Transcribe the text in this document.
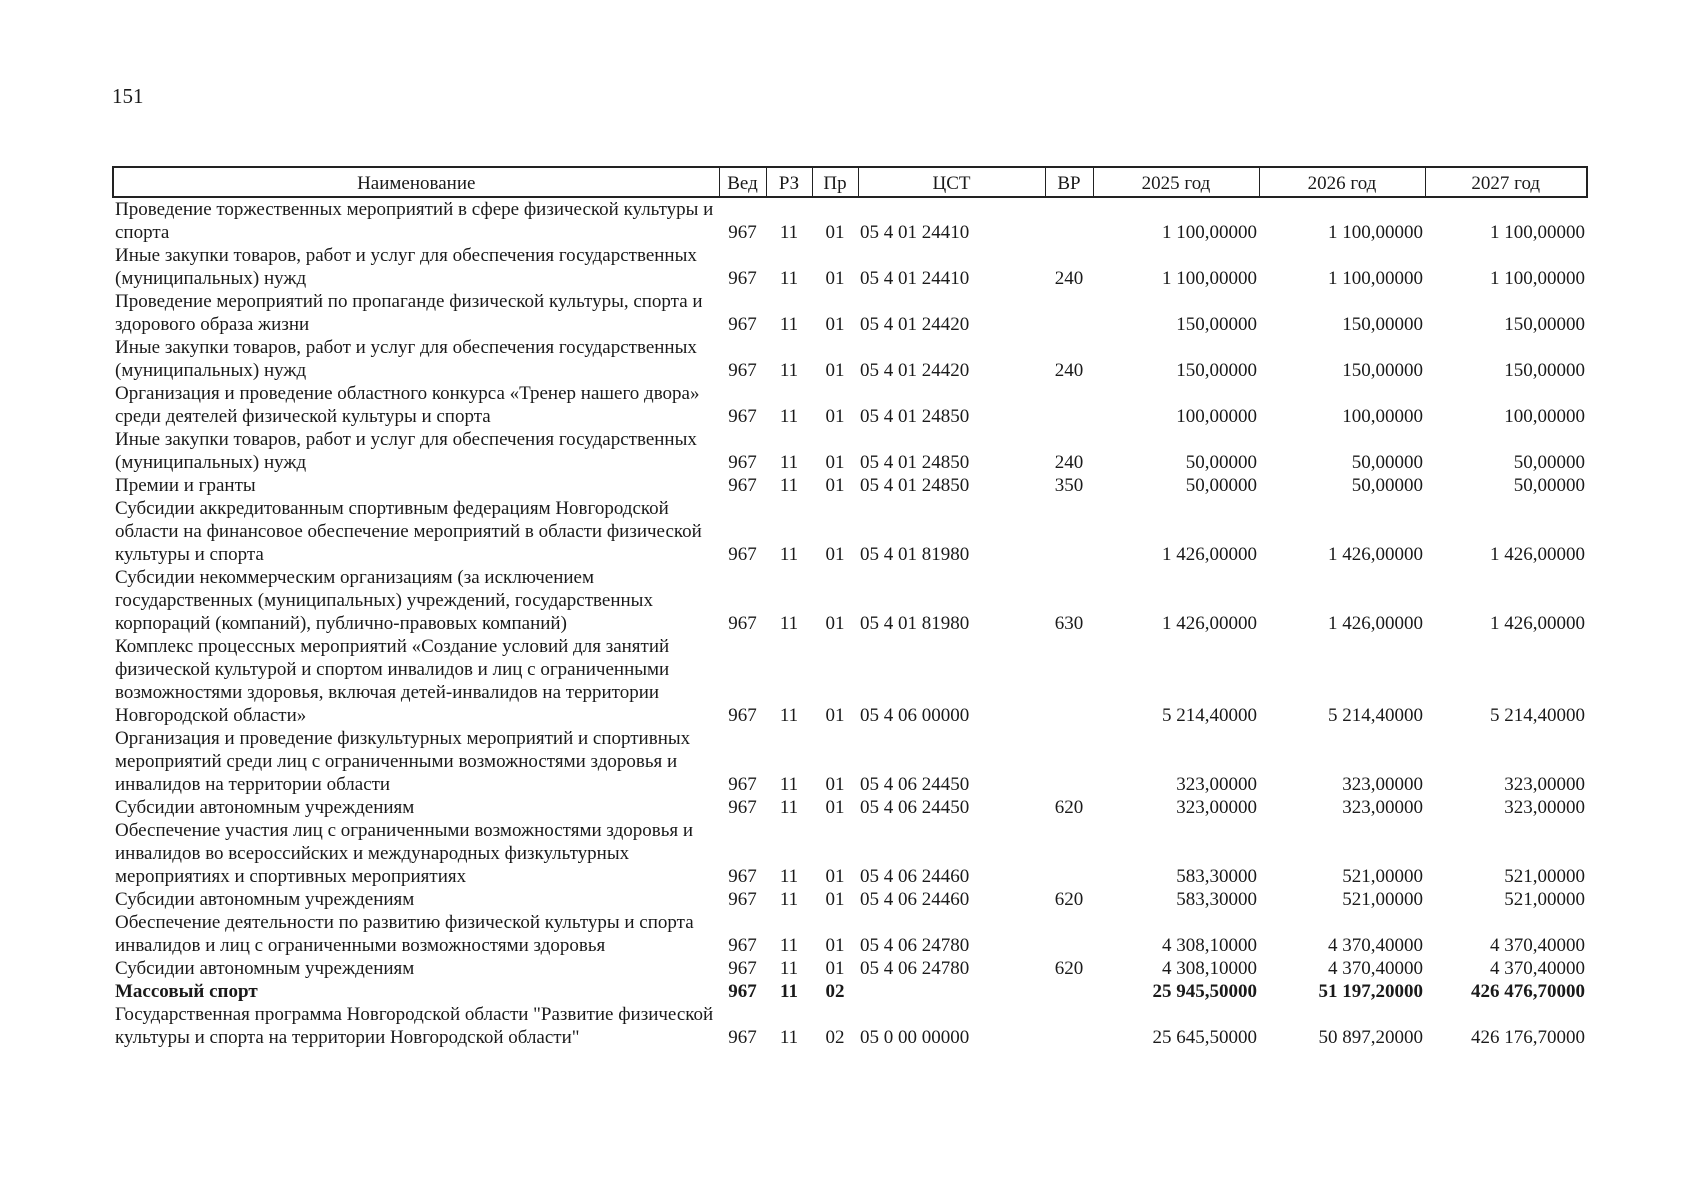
151
Наименование	Вед	РЗ	Пр	ЦСТ	ВР	2025 год	2026 год	2027 год
Проведение торжественных мероприятий в сфере физической культуры и спорта	967	11	01	05 4 01 24410		1 100,00000	1 100,00000	1 100,00000
Иные закупки товаров, работ и услуг для обеспечения государственных (муниципальных) нужд	967	11	01	05 4 01 24410	240	1 100,00000	1 100,00000	1 100,00000
Проведение мероприятий по пропаганде физической культуры, спорта и здорового образа жизни	967	11	01	05 4 01 24420		150,00000	150,00000	150,00000
Иные закупки товаров, работ и услуг для обеспечения государственных (муниципальных) нужд	967	11	01	05 4 01 24420	240	150,00000	150,00000	150,00000
Организация и проведение областного конкурса «Тренер нашего двора» среди деятелей физической культуры и спорта	967	11	01	05 4 01 24850		100,00000	100,00000	100,00000
Иные закупки товаров, работ и услуг для обеспечения государственных (муниципальных) нужд	967	11	01	05 4 01 24850	240	50,00000	50,00000	50,00000
Премии и гранты	967	11	01	05 4 01 24850	350	50,00000	50,00000	50,00000
Субсидии аккредитованным спортивным федерациям Новгородской области на финансовое обеспечение мероприятий в области физической культуры и спорта	967	11	01	05 4 01 81980		1 426,00000	1 426,00000	1 426,00000
Субсидии некоммерческим организациям (за исключением государственных (муниципальных) учреждений, государственных корпораций (компаний), публично-правовых компаний)	967	11	01	05 4 01 81980	630	1 426,00000	1 426,00000	1 426,00000
Комплекс процессных мероприятий «Создание условий для занятий физической культурой и спортом инвалидов и лиц с ограниченными возможностями здоровья, включая детей-инвалидов на территории Новгородской области»	967	11	01	05 4 06 00000		5 214,40000	5 214,40000	5 214,40000
Организация и проведение физкультурных мероприятий и спортивных мероприятий среди лиц с ограниченными возможностями здоровья и инвалидов на территории области	967	11	01	05 4 06 24450		323,00000	323,00000	323,00000
Субсидии автономным учреждениям	967	11	01	05 4 06 24450	620	323,00000	323,00000	323,00000
Обеспечение участия лиц с ограниченными возможностями здоровья и инвалидов во всероссийских и международных физкультурных мероприятиях и спортивных мероприятиях	967	11	01	05 4 06 24460		583,30000	521,00000	521,00000
Субсидии автономным учреждениям	967	11	01	05 4 06 24460	620	583,30000	521,00000	521,00000
Обеспечение деятельности по развитию физической культуры и спорта инвалидов и лиц с ограниченными возможностями здоровья	967	11	01	05 4 06 24780		4 308,10000	4 370,40000	4 370,40000
Субсидии автономным учреждениям	967	11	01	05 4 06 24780	620	4 308,10000	4 370,40000	4 370,40000
Массовый спорт	967	11	02			25 945,50000	51 197,20000	426 476,70000
Государственная программа Новгородской области "Развитие физической культуры и спорта на территории Новгородской области"	967	11	02	05 0 00 00000		25 645,50000	50 897,20000	426 176,70000
